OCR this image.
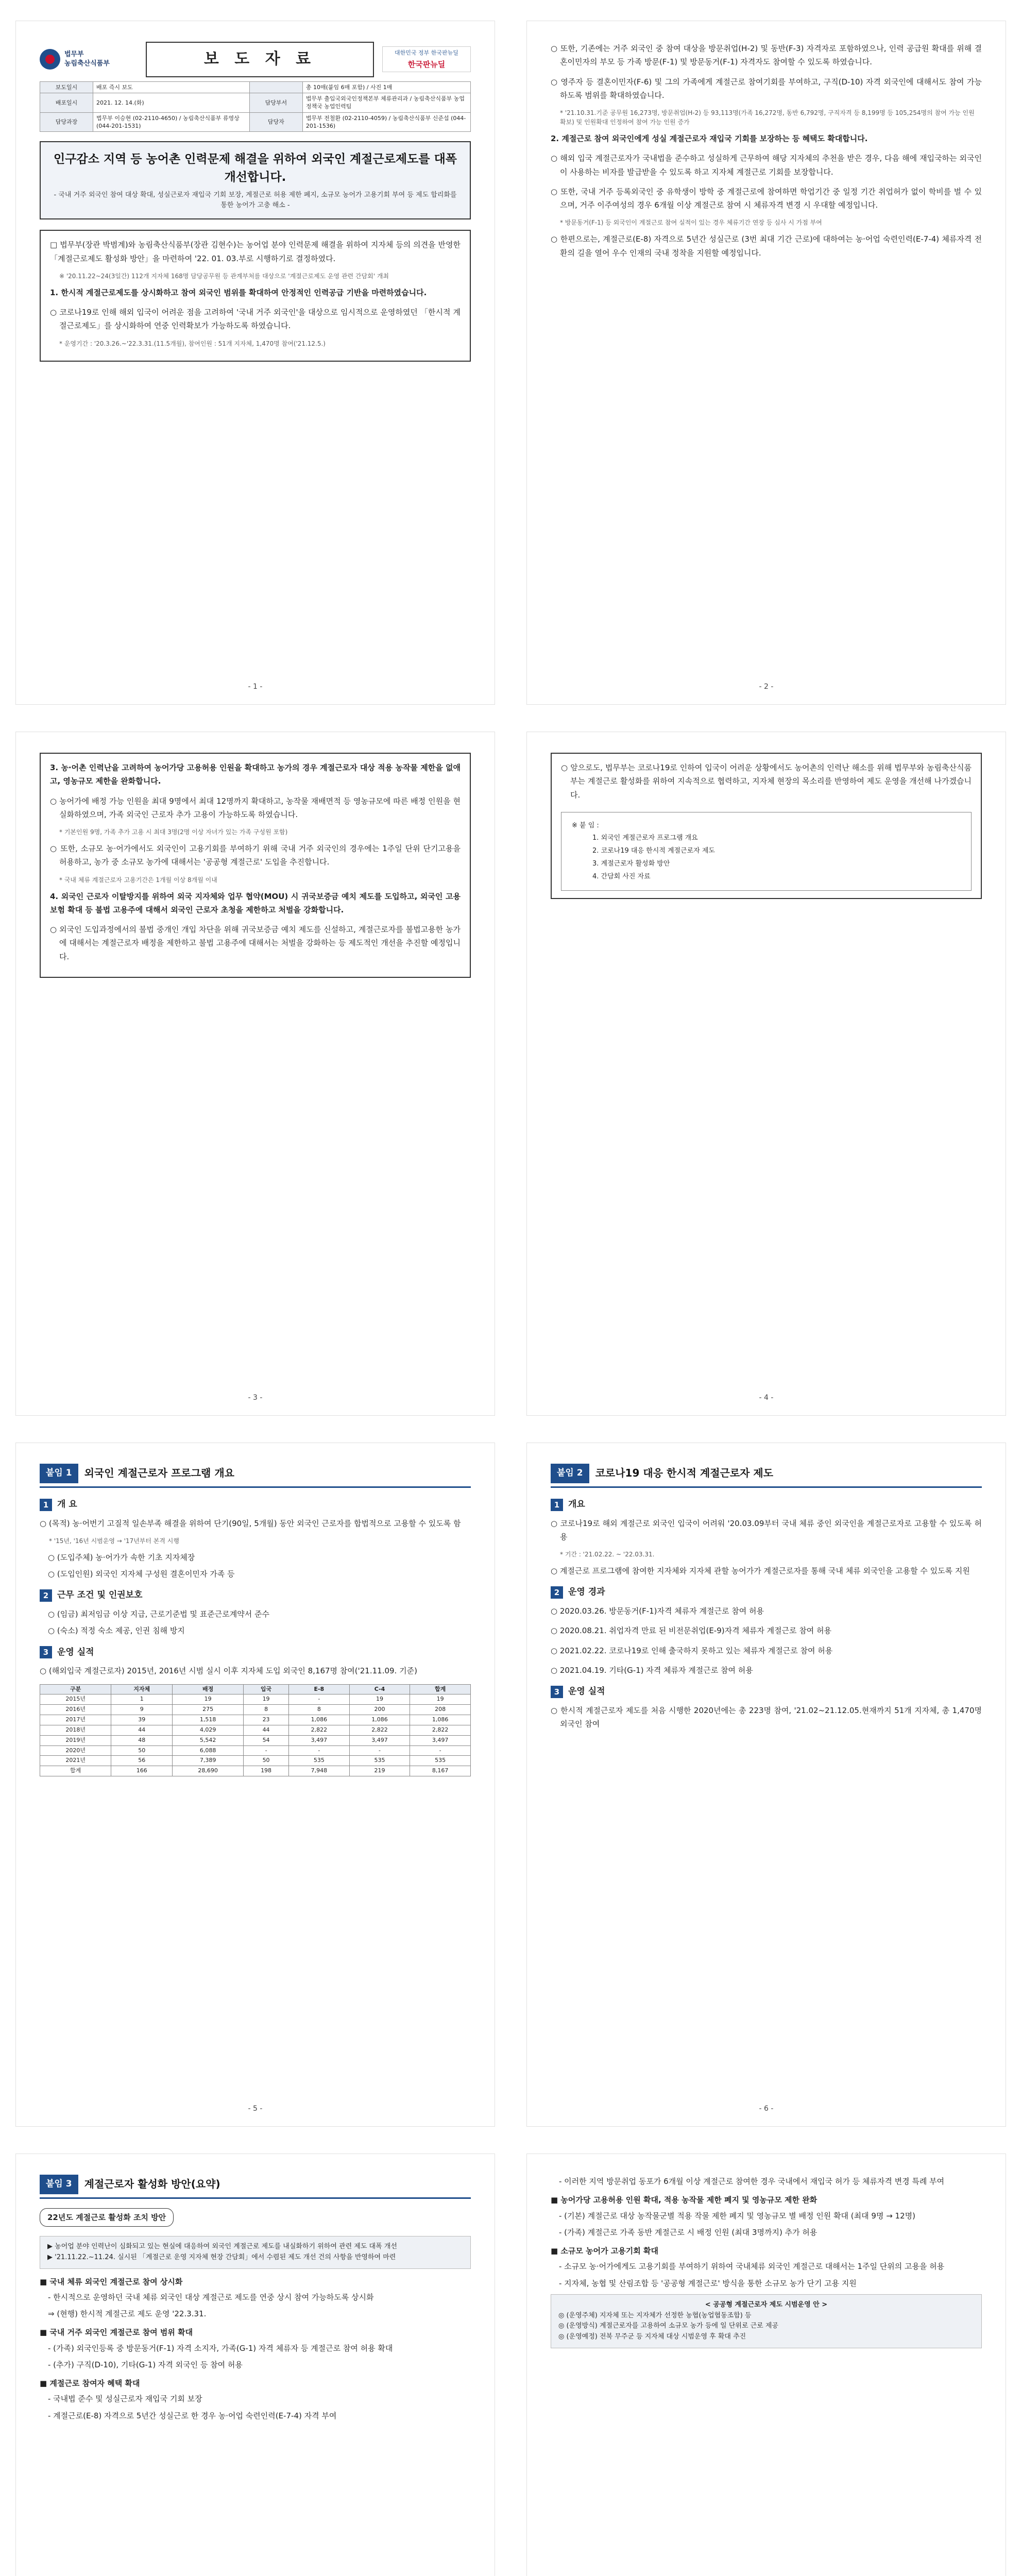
법무부
농림축산식품부	보 도 자 료	대한민국 정부 한국판뉴딜
한국판뉴딜
보도일시	배포 즉시 보도		총 10매(붙임 6매 포함) / 사진 1매
배포일시	2021. 12. 14.(화)	담당부서	법무부 출입국외국인정책본부 체류관리과 / 농림축산식품부 농업정책국 농업인력팀
담당과장	법무부 이승현 (02-2110-4650) / 농림축산식품부 류영상 (044-201-1531)	담당자	법무부 전철환 (02-2110-4059) / 농림축산식품부 신준섭 (044-201-1536)
인구감소 지역 등 농어촌 인력문제 해결을 위하여 외국인 계절근로제도를 대폭 개선합니다.
- 국내 거주 외국인 참여 대상 확대, 성실근로자 재입국 기회 보장, 계절근로 허용 제한 폐지, 소규모 농어가 고용기회 부여 등 제도 합리화를 통한 농어가 고충 해소 -

□ 법무부(장관 박범계)와 농림축산식품부(장관 김현수)는 농어업 분야 인력문제 해결을 위하여 지자체 등의 의견을 반영한 「계절근로제도 활성화 방안」을 마련하여 '22. 01. 03.부로 시행하기로 결정하였다.

※ '20.11.22~24(3일간) 112개 지자체 168명 담당공무원 등 관계부처를 대상으로 '계절근로제도 운영 관련 간담회' 개최

1. 한시적 계절근로제도를 상시화하고 참여 외국인 범위를 확대하여 안정적인 인력공급 기반을 마련하였습니다.

○ 코로나19로 인해 해외 입국이 어려운 점을 고려하여 '국내 거주 외국인'을 대상으로 임시적으로 운영하였던 「한시적 계절근로제도」를 상시화하여 연중 인력확보가 가능하도록 하였습니다.

* 운영기간 : '20.3.26.~'22.3.31.(11.5개월), 참여인원 : 51개 지자체, 1,470명 참여('21.12.5.)

- 1 -

○ 또한, 기존에는 거주 외국인 중 참여 대상을 방문취업(H-2) 및 동반(F-3) 자격자로 포함하였으나, 인력 공급원 확대를 위해 결혼이민자의 부모 등 가족 방문(F-1) 및 방문동거(F-1) 자격자도 참여할 수 있도록 하였습니다.

○ 영주자 등 결혼이민자(F-6) 및 그의 가족에게 계절근로 참여기회를 부여하고, 구직(D-10) 자격 외국인에 대해서도 참여 가능하도록 범위를 확대하였습니다.

* '21.10.31.기준 공무원 16,273명, 방문취업(H-2) 등 93,113명(가족 16,272명, 동반 6,792명, 구직자격 등 8,199명 등 105,254명의 참여 가능 인원 확보) 및 인원확대 인정하여 참여 가능 인원 증가

2. 계절근로 참여 외국인에게 성실 계절근로자 재입국 기회를 보장하는 등 혜택도 확대합니다.

○ 해외 입국 계절근로자가 국내법을 준수하고 성실하게 근무하여 해당 지자체의 추천을 받은 경우, 다음 해에 재입국하는 외국인이 사용하는 비자를 발급받을 수 있도록 하고 지자체 계절근로 기회를 보장합니다.

○ 또한, 국내 거주 등록외국인 중 유학생이 방학 중 계절근로에 참여하면 학업기간 중 일정 기간 취업허가 없이 학비를 벌 수 있으며, 거주 이주여성의 경우 6개월 이상 계절근로 참여 시 체류자격 변경 시 우대할 예정입니다.

* 방문동거(F-1) 등 외국인이 계절근로 참여 실적이 있는 경우 체류기간 연장 등 심사 시 가점 부여

○ 한편으로는, 계절근로(E-8) 자격으로 5년간 성실근로 (3번 최대 기간 근로)에 대하여는 농·어업 숙련인력(E-7-4) 체류자격 전환의 길을 열어 우수 인재의 국내 정착을 지원할 예정입니다.

- 2 -

3. 농·어촌 인력난을 고려하여 농어가당 고용허용 인원을 확대하고 농가의 경우 계절근로자 대상 적용 농작물 제한을 없애고, 영농규모 제한을 완화합니다.

○ 농어가에 배정 가능 인원을 최대 9명에서 최대 12명까지 확대하고, 농작물 재배면적 등 영농규모에 따른 배정 인원을 현실화하였으며, 가족 외국인 근로자 추가 고용이 가능하도록 하였습니다.

* 기본인원 9명, 가족 추가 고용 시 최대 3명(2명 이상 자녀가 있는 가족 구성원 포함)

○ 또한, 소규모 농·어가에서도 외국인이 고용기회를 부여하기 위해 국내 거주 외국인의 경우에는 1주일 단위 단기고용을 허용하고, 농가 중 소규모 농가에 대해서는 '공공형 계절근로' 도입을 추진합니다.

* 국내 체류 계절근로자 고용기간은 1개월 이상 8개월 이내

4. 외국인 근로자 이탈방지를 위하여 외국 지자체와 업무 협약(MOU) 시 귀국보증금 예치 제도를 도입하고, 외국인 고용보험 확대 등 불법 고용주에 대해서 외국인 근로자 초청을 제한하고 처벌을 강화합니다.

○ 외국인 도입과정에서의 불법 중개인 개입 차단을 위해 귀국보증금 예치 제도를 신설하고, 계절근로자를 불법고용한 농가에 대해서는 계절근로자 배정을 제한하고 불법 고용주에 대해서는 처벌을 강화하는 등 제도적인 개선을 추진할 예정입니다.

- 3 -

○ 앞으로도, 법무부는 코로나19로 인하여 입국이 어려운 상황에서도 농어촌의 인력난 해소를 위해 법무부와 농림축산식품부는 계절근로 활성화를 위하여 지속적으로 협력하고, 지자체 현장의 목소리를 반영하여 제도 운영을 개선해 나가겠습니다.

※ 붙 임 :
1. 외국인 계절근로자 프로그램 개요
2. 코로나19 대응 한시적 계절근로자 제도
3. 계절근로자 활성화 방안
4. 간담회 사진 자료
- 4 -
붙임 1	외국인 계절근로자 프로그램 개요
1 개 요

○ (목적) 농·어번기 고질적 일손부족 해결을 위하여 단기(90일, 5개월) 동안 외국인 근로자를 합법적으로 고용할 수 있도록 함

* '15년, '16년 시범운영 → '17년부터 본격 시행

○ (도입주체) 농·어가가 속한 기초 지자체장

○ (도입인원) 외국인 지자체 구성원 결혼이민자 가족 등

2 근무 조건 및 인권보호

○ (임금) 최저임금 이상 지급, 근로기준법 및 표준근로계약서 준수

○ (숙소) 적정 숙소 제공, 인권 침해 방지

3 운영 실적

○ (해외입국 계절근로자) 2015년, 2016년 시범 실시 이후 지자체 도입 외국인 8,167명 참여('21.11.09. 기준)

구분	지자체	배정	입국	E-8	C-4	합계
2015년	1	19	19	-	19	19
2016년	9	275	8	8	200	208
2017년	39	1,518	23	1,086	1,086	1,086
2018년	44	4,029	44	2,822	2,822	2,822
2019년	48	5,542	54	3,497	3,497	3,497
2020년	50	6,088	-	-	-	-
2021년	56	7,389	50	535	535	535
합계	166	28,690	198	7,948	219	8,167
- 5 -
붙임 2	코로나19 대응 한시적 계절근로자 제도
1 개요

○ 코로나19로 해외 계절근로 외국인 입국이 어려워 '20.03.09부터 국내 체류 중인 외국인을 계절근로자로 고용할 수 있도록 허용

* 기간 : '21.02.22. ~ '22.03.31.

○ 계절근로 프로그램에 참여한 지자체와 지자체 관할 농어가가 계절근로자를 통해 국내 체류 외국인을 고용할 수 있도록 지원

2 운영 경과

○ 2020.03.26. 방문동거(F-1)자격 체류자 계절근로 참여 허용

○ 2020.08.21. 취업자격 만료 된 비전문취업(E-9)자격 체류자 계절근로 참여 허용

○ 2021.02.22. 코로나19로 인해 출국하지 못하고 있는 체류자 계절근로 참여 허용

○ 2021.04.19. 기타(G-1) 자격 체류자 계절근로 참여 허용

3 운영 실적

○ 한시적 계절근로자 제도를 처음 시행한 2020년에는 총 223명 참여, '21.02~21.12.05.현재까지 51개 지자체, 총 1,470명 외국인 참여

- 6 -
붙임 3	계절근로자 활성화 방안(요약)
22년도 계절근로 활성화 조치 방안
▶ 농어업 분야 인력난이 심화되고 있는 현실에 대응하여 외국인 계절근로 제도를 내실화하기 위하여 관련 제도 대폭 개선
▶ '21.11.22.~11.24. 실시된 「계절근로 운영 지자체 현장 간담회」에서 수렴된 제도 개선 건의 사항을 반영하여 마련
■ 국내 체류 외국인 계절근로 참여 상시화

- 한시적으로 운영하던 국내 체류 외국인 대상 계절근로 제도를 연중 상시 참여 가능하도록 상시화

⇒ (현행) 한시적 계절근로 제도 운영 '22.3.31.

■ 국내 거주 외국인 계절근로 참여 범위 확대

- (가족) 외국인등록 중 방문동거(F-1) 자격 소지자, 가족(G-1) 자격 체류자 등 계절근로 참여 허용 확대

- (추가) 구직(D-10), 기타(G-1) 자격 외국인 등 참여 허용

■ 계절근로 참여자 혜택 확대

- 국내법 준수 및 성실근로자 재입국 기회 보장

- 계절근로(E-8) 자격으로 5년간 성실근로 한 경우 농·어업 숙련인력(E-7-4) 자격 부여

- 이러한 지역 방문취업 동포가 6개월 이상 계절근로 참여한 경우 국내에서 재입국 허가 등 체류자격 변경 특례 부여

■ 농어가당 고용허용 인원 확대, 적용 농작물 제한 폐지 및 영농규모 제한 완화

- (기본) 계절근로 대상 농작물군별 적용 작물 제한 폐지 및 영농규모 별 배정 인원 확대 (최대 9명 → 12명)

- (가족) 계절근로 가족 동반 계절근로 시 배정 인원 (최대 3명까지) 추가 허용

■ 소규모 농어가 고용기회 확대

- 소규모 농·어가에게도 고용기회를 부여하기 위하여 국내체류 외국인 계절근로 대해서는 1주일 단위의 고용을 허용

- 지자체, 농협 및 산림조합 등 '공공형 계절근로' 방식을 통한 소규모 농가 단기 고용 지원

< 공공형 계절근로자 제도 시범운영 안 >
◎ (운영주체) 지자체 또는 지자체가 선정한 농협(농업협동조합) 등
◎ (운영방식) 계절근로자를 고용하여 소규모 농가 등에 일 단위로 근로 제공
◎ (운영예정) 전북 무주군 등 지자체 대상 시범운영 후 확대 추진
